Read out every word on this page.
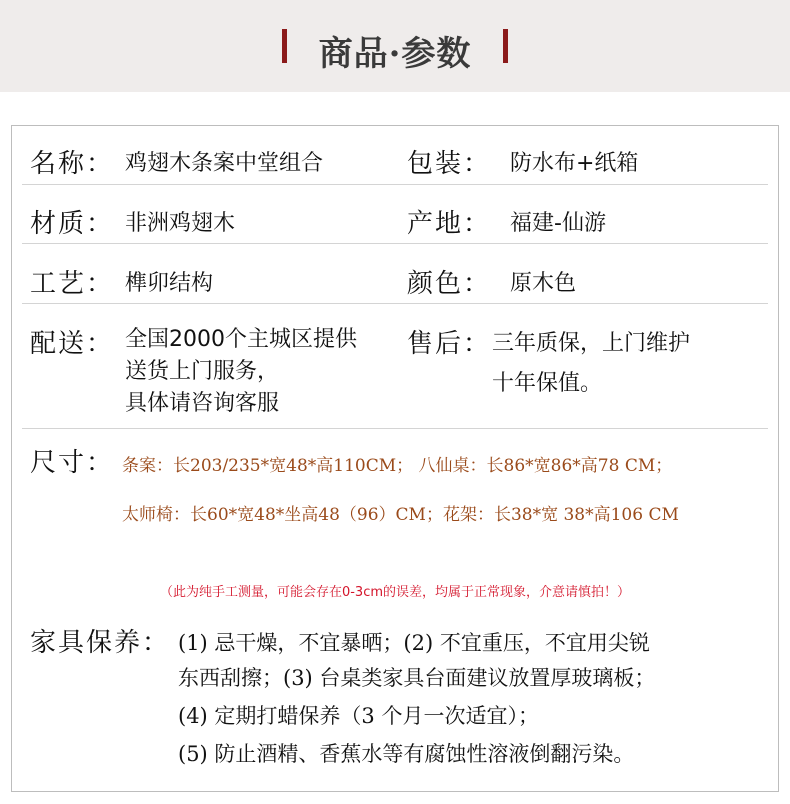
商品·参数
名称： 鸡翅木条案中堂组合	包装： 防水布+纸箱
材质： 非洲鸡翅木	产地： 福建-仙游
工艺： 榫卯结构	颜色： 原木色
配送： 全国2000个主城区提供
送货上门服务，
具体请咨询客服
售后： 三年质保，上门维护
十年保值。
尺寸： 条案：长203/235*宽48*高110CM； 八仙桌：长86*宽86*高78 CM；
太师椅：长60*宽48*坐高48（96）CM；花架：长38*宽 38*高106 CM
（此为纯手工测量，可能会存在0-3cm的误差，均属于正常现象，介意请慎拍！）
家具保养： (1) 忌干燥，不宜暴晒；(2) 不宜重压，不宜用尖锐
东西刮擦；(3) 台桌类家具台面建议放置厚玻璃板；
(4) 定期打蜡保养（3 个月一次适宜）；
(5) 防止酒精、香蕉水等有腐蚀性溶液倒翻污染。
